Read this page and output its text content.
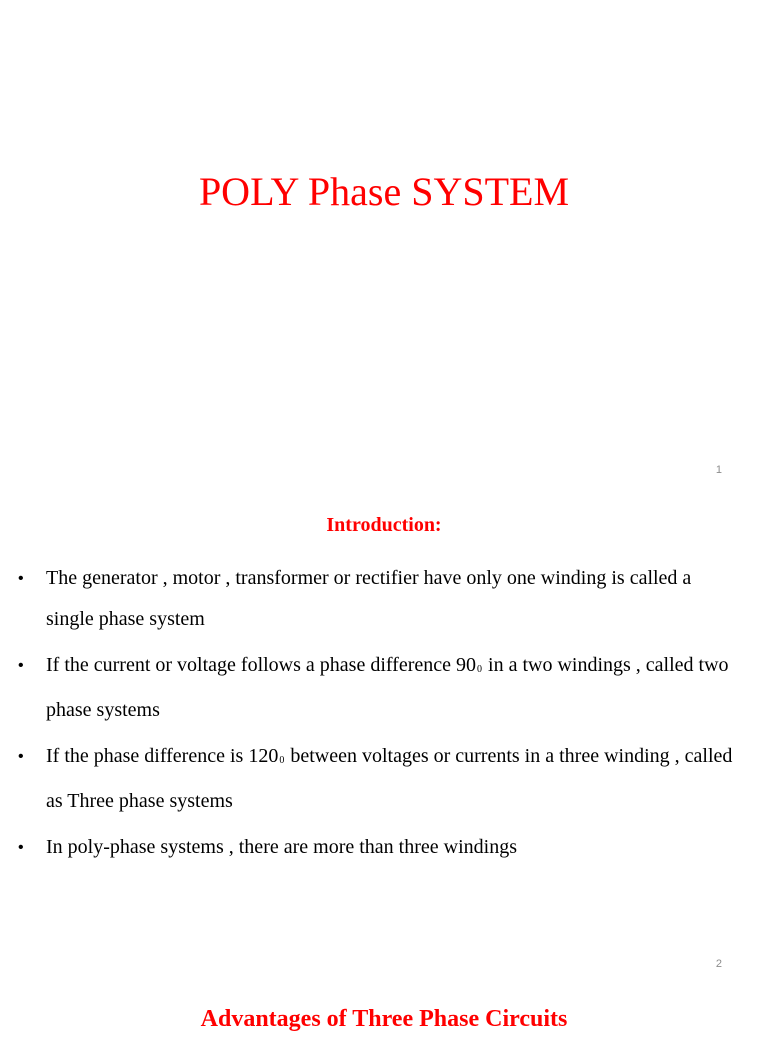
POLY Phase SYSTEM
1
Introduction:
• The generator , motor , transformer or rectifier have only one winding is called a single phase system
• If the current or voltage follows a phase difference 900 in a two windings , called two phase systems
• If the phase difference is 1200 between voltages or currents in a three winding , called as Three phase systems
• In poly-phase systems , there are more than three windings
2
Advantages of Three Phase Circuits
